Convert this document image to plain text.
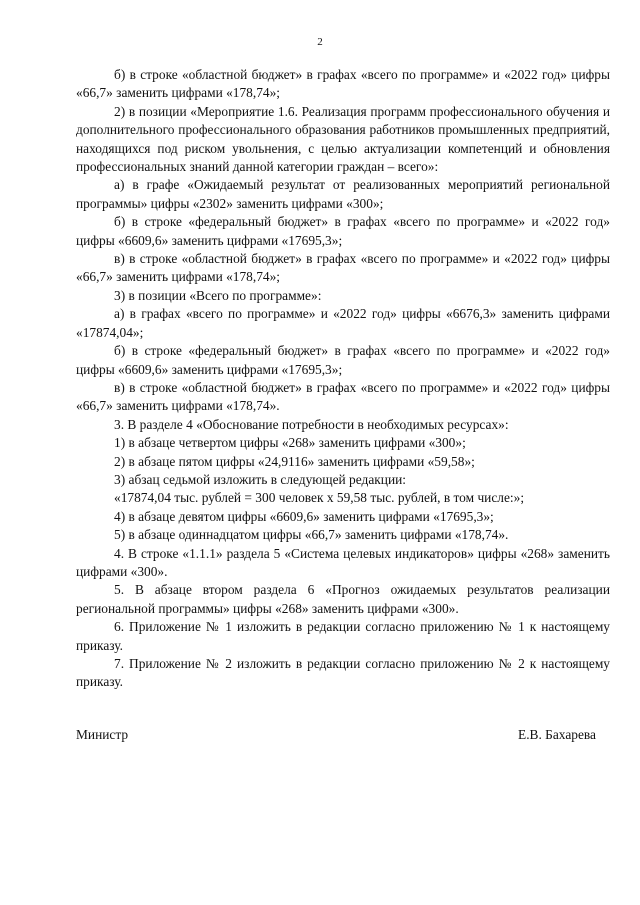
2

б) в строке «областной бюджет» в графах «всего по программе» и «2022 год» цифры «66,7» заменить цифрами «178,74»;

2) в позиции «Мероприятие 1.6. Реализация программ профессионального обучения и дополнительного профессионального образования работников промышленных предприятий, находящихся под риском увольнения, с целью актуализации компетенций и обновления профессиональных знаний данной категории граждан – всего»:

а) в графе «Ожидаемый результат от реализованных мероприятий региональной программы» цифры «2302» заменить цифрами «300»;

б) в строке «федеральный бюджет» в графах «всего по программе» и «2022 год» цифры «6609,6» заменить цифрами «17695,3»;

в) в строке «областной бюджет» в графах «всего по программе» и «2022 год» цифры «66,7» заменить цифрами «178,74»;

3) в позиции «Всего по программе»:

а) в графах «всего по программе» и «2022 год» цифры «6676,3» заменить цифрами «17874,04»;

б) в строке «федеральный бюджет» в графах «всего по программе» и «2022 год» цифры «6609,6» заменить цифрами «17695,3»;

в) в строке «областной бюджет» в графах «всего по программе» и «2022 год» цифры «66,7» заменить цифрами «178,74».

3. В разделе 4 «Обоснование потребности в необходимых ресурсах»:

1) в абзаце четвертом цифры «268» заменить цифрами «300»;

2) в абзаце пятом цифры «24,9116» заменить цифрами «59,58»;

3) абзац седьмой изложить в следующей редакции:

«17874,04 тыс. рублей = 300 человек х 59,58 тыс. рублей, в том числе:»;

4) в абзаце девятом цифры «6609,6» заменить цифрами «17695,3»;

5) в абзаце одиннадцатом цифры «66,7» заменить цифрами «178,74».

4. В строке «1.1.1» раздела 5 «Система целевых индикаторов» цифры «268» заменить цифрами «300».

5. В абзаце втором раздела 6 «Прогноз ожидаемых результатов реализации региональной программы» цифры «268» заменить цифрами «300».

6. Приложение № 1 изложить в редакции согласно приложению № 1 к настоящему приказу.

7. Приложение № 2 изложить в редакции согласно приложению № 2 к настоящему приказу.

Министр	Е.В. Бахарева
